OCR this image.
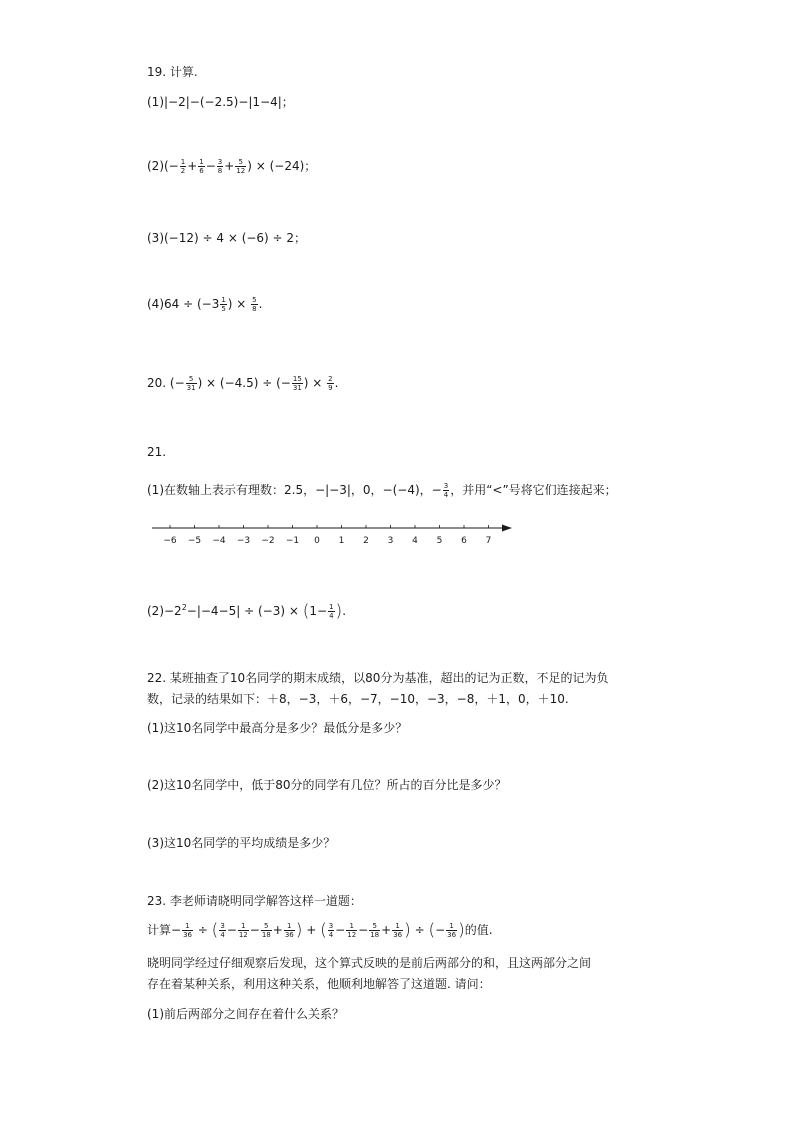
19. 计算.
(1)|−2|−(−2.5)−|1−4|；
$(2)(- \frac{1}{2} + \frac{1}{6} - \frac{3}{8} + \frac{5}{12}$ ) × (−24)；
(3)(−12) ÷ 4 × (−6) ÷ 2；
$(4)64 \div (-3 \frac{1}{5}$ ) × $\frac{5}{8}$ .
20. (− $\frac{5}{31}$ ) × (−4.5) ÷ (− $\frac{15}{31}$ ) × $\frac{2}{9}$ .
21.
(1)在数轴上表示有理数：2.5，−|−3|，0，−(−4)，− $\frac{3}{4}$ ，并用“<”号将它们连接起来；
−6 −5 −4 −3 −2 −1 0 1 2 3 4 5 6 7
$(2)-2^2-|-4-5| \div (-3) \times (1- \frac{1}{4}$ ).
22. 某班抽查了10名同学的期末成绩，以80分为基准，超出的记为正数，不足的记为负
数，记录的结果如下：＋8，−3，＋6，−7，−10，−3，−8，＋1，0，＋10.
(1)这10名同学中最高分是多少？最低分是多少？
(2)这10名同学中，低于80分的同学有几位？所占的百分比是多少？
(3)这10名同学的平均成绩是多少？
23. 李老师请晓明同学解答这样一道题：
计算− $\frac{1}{36}$ ÷ ( $\frac{3}{4} - \frac{1}{12} - \frac{5}{18} + \frac{1}{36}$ ) + ( $\frac{3}{4} - \frac{1}{12} - \frac{5}{18} + \frac{1}{36}$ ) ÷ (− $\frac{1}{36}$ )的值.
晓明同学经过仔细观察后发现，这个算式反映的是前后两部分的和，且这两部分之间
存在着某种关系，利用这种关系，他顺利地解答了这道题. 请问：
(1)前后两部分之间存在着什么关系？
